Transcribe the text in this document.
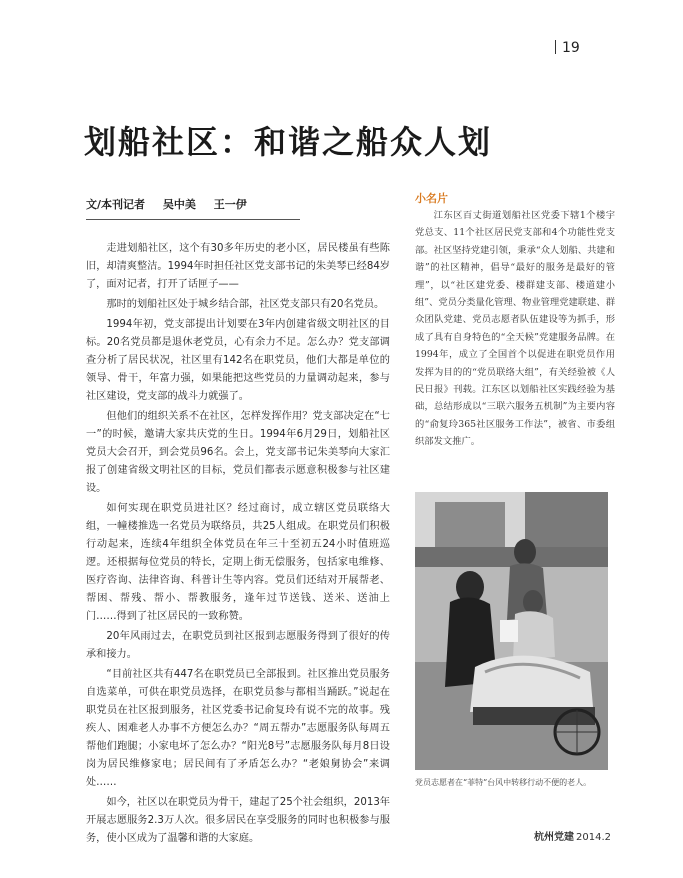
19
划船社区：和谐之船众人划
文/本刊记者 吴中美 王一伊

走进划船社区，这个有30多年历史的老小区，居民楼虽有些陈旧，却清爽整洁。1994年时担任社区党支部书记的朱美琴已经84岁了，面对记者，打开了话匣子——

那时的划船社区处于城乡结合部，社区党支部只有20名党员。

1994年初，党支部提出计划要在3年内创建省级文明社区的目标。20名党员都是退休老党员，心有余力不足。怎么办？党支部调查分析了居民状况，社区里有142名在职党员，他们大都是单位的领导、骨干，年富力强，如果能把这些党员的力量调动起来，参与社区建设，党支部的战斗力就强了。

但他们的组织关系不在社区，怎样发挥作用？党支部决定在“七一”的时候，邀请大家共庆党的生日。1994年6月29日，划船社区党员大会召开，到会党员96名。会上，党支部书记朱美琴向大家汇报了创建省级文明社区的目标，党员们都表示愿意积极参与社区建设。

如何实现在职党员进社区？经过商讨，成立辖区党员联络大组，一幢楼推选一名党员为联络员，共25人组成。在职党员们积极行动起来，连续4年组织全体党员在年三十至初五24小时值班巡逻。还根据每位党员的特长，定期上街无偿服务，包括家电维修、医疗咨询、法律咨询、科普计生等内容。党员们还结对开展帮老、帮困、帮残、帮小、帮教服务，逢年过节送钱、送米、送油上门……得到了社区居民的一致称赞。

20年风雨过去，在职党员到社区报到志愿服务得到了很好的传承和接力。

“目前社区共有447名在职党员已全部报到。社区推出党员服务自选菜单，可供在职党员选择，在职党员参与都相当踊跃。”说起在职党员在社区报到服务，社区党委书记俞复玲有说不完的故事。残疾人、困难老人办事不方便怎么办？“周五帮办”志愿服务队每周五帮他们跑腿；小家电坏了怎么办？“阳光8号”志愿服务队每月8日设岗为居民维修家电；居民间有了矛盾怎么办？“老娘舅协会”来调处……

如今，社区以在职党员为骨干，建起了25个社会组织，2013年开展志愿服务2.3万人次。很多居民在享受服务的同时也积极参与服务，使小区成为了温馨和谐的大家庭。

小名片

江东区百丈街道划船社区党委下辖1个楼宇党总支、11个社区居民党支部和4个功能性党支部。社区坚持党建引领，秉承“众人划船、共建和谐”的社区精神，倡导“最好的服务是最好的管理”，以“社区建党委、楼群建支部、楼道建小组”、党员分类量化管理、物业管理党建联建、群众团队党建、党员志愿者队伍建设等为抓手，形成了具有自身特色的“全天候”党建服务品牌。在1994年，成立了全国首个以促进在职党员作用发挥为目的的“党员联络大组”，有关经验被《人民日报》刊载。江东区以划船社区实践经验为基础，总结形成以“三联六服务五机制”为主要内容的“俞复玲365社区服务工作法”，被省、市委组织部发文推广。

党员志愿者在“菲特”台风中转移行动不便的老人。
杭州党建 2014.2
